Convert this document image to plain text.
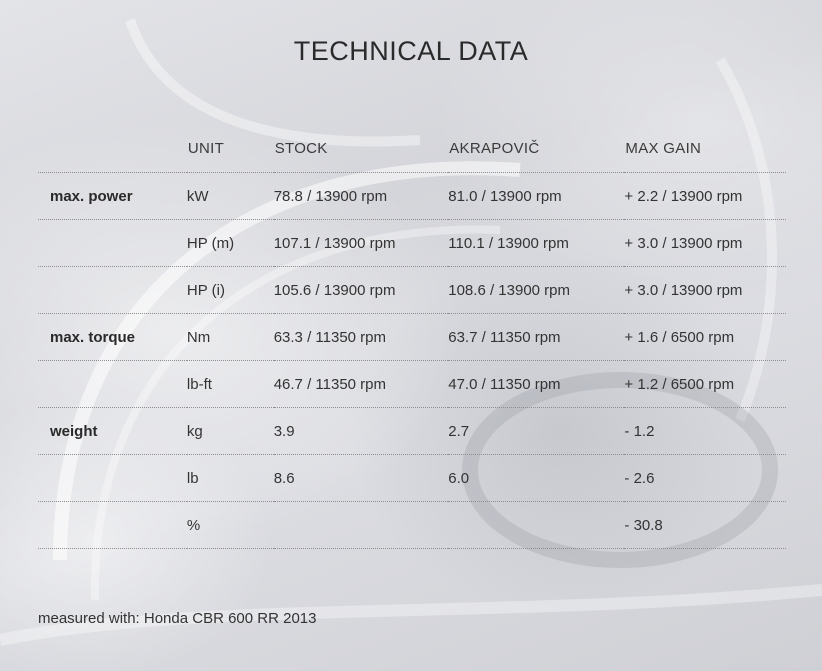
TECHNICAL DATA
	UNIT	STOCK	AKRAPOVIČ	MAX GAIN
max. power	kW	78.8 / 13900 rpm	81.0 / 13900 rpm	+ 2.2 / 13900 rpm
	HP (m)	107.1 / 13900 rpm	110.1 / 13900 rpm	+ 3.0 / 13900 rpm
	HP (i)	105.6 / 13900 rpm	108.6 / 13900 rpm	+ 3.0 / 13900 rpm
max. torque	Nm	63.3 / 11350 rpm	63.7 / 11350 rpm	+ 1.6 / 6500 rpm
	lb-ft	46.7 / 11350 rpm	47.0 / 11350 rpm	+ 1.2 / 6500 rpm
weight	kg	3.9	2.7	- 1.2
	lb	8.6	6.0	- 2.6
	%			- 30.8
measured with: Honda CBR 600 RR 2013
